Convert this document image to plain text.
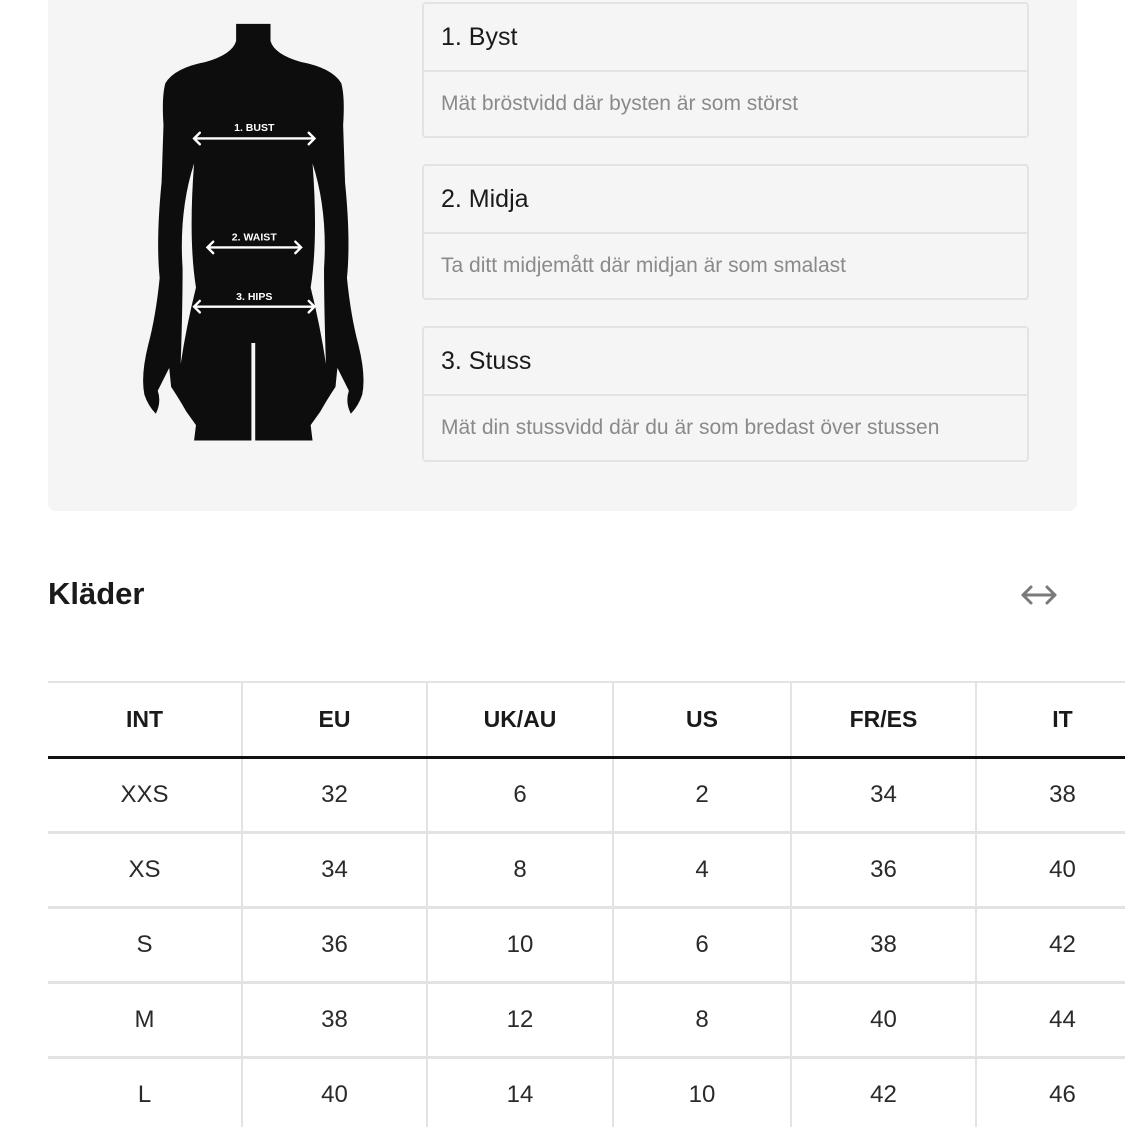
1. BUST
2. WAIST
3. HIPS
1. Byst
Mät bröstvidd där bysten är som störst
2. Midja
Ta ditt midjemått där midjan är som smalast
3. Stuss
Mät din stussvidd där du är som bredast över stussen
Kläder
INT	EU	UK/AU	US	FR/ES	IT
XXS	32	6	2	34	38
XS	34	8	4	36	40
S	36	10	6	38	42
M	38	12	8	40	44
L	40	14	10	42	46
